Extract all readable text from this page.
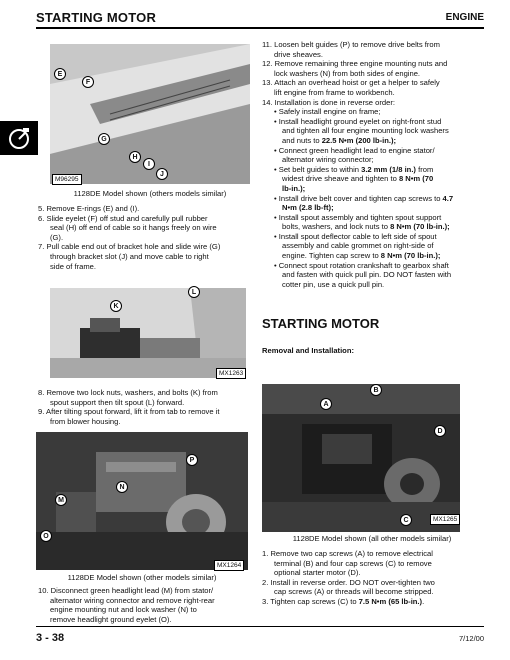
STARTING MOTOR	ENGINE
M96295
E
F
G
H
I
J
1128DE Model shown (others models similar)

5. Remove E-rings (E) and (I).

6. Slide eyelet (F) off stud and carefully pull rubber

seal (H) off end of cable so it hangs freely on wire

(G).

7. Pull cable end out of bracket hole and slide wire (G)

through bracket slot (J) and move cable to right

side of frame.

MX1263
K
L

8. Remove two lock nuts, washers, and bolts (K) from

spout support then tilt spout (L) forward.

9. After tilting spout forward, lift it from tab to remove it

from blower housing.

MX1264
P
N
M
O
1128DE Model shown (other models similar)

10. Disconnect green headlight lead (M) from stator/

alternator wiring connector and remove right-rear

engine mounting nut and lock washer (N) to

remove headlight ground eyelet (O).

11. Loosen belt guides (P) to remove drive belts from

drive sheaves.

12. Remove remaining three engine mounting nuts and

lock washers (N) from both sides of engine.

13. Attach an overhead hoist or get a helper to safely

lift engine from frame to workbench.

14. Installation is done in reverse order:

• Safely install engine on frame;

• Install headlight ground eyelet on right-front stud

and tighten all four engine mounting lock washers

and nuts to 22.5 N•m (200 lb-in.);

• Connect green headlight lead to engine stator/

alternator wiring connector;

• Set belt guides to within 3.2 mm (1/8 in.) from

widest drive sheave and tighten to 8 N•m (70

lb-in.);

• Install drive belt cover and tighten cap screws to 4.7

N•m (2.8 lb-ft);

• Install spout assembly and tighten spout support

bolts, washers, and lock nuts to 8 N•m (70 lb-in.);

• Install spout deflector cable to left side of spout

assembly and cable grommet on right-side of

engine. Tighten cap screw to 8 N•m (70 lb-in.);

• Connect spout rotation crankshaft to gearbox shaft

and fasten with quick pull pin. DO NOT fasten with

cotter pin, use a quick pull pin.

STARTING MOTOR
Removal and Installation:
MX1265
B
A
D
C
1128DE Model shown (all other models similar)

1. Remove two cap screws (A) to remove electrical

terminal (B) and four cap screws (C) to remove

optional starter motor (D).

2. Install in reverse order. DO NOT over-tighten two

cap screws (A) or threads will become stripped.

3. Tighten cap screws (C) to 7.5 N•m (65 lb-in.).

3 - 38	7/12/00
